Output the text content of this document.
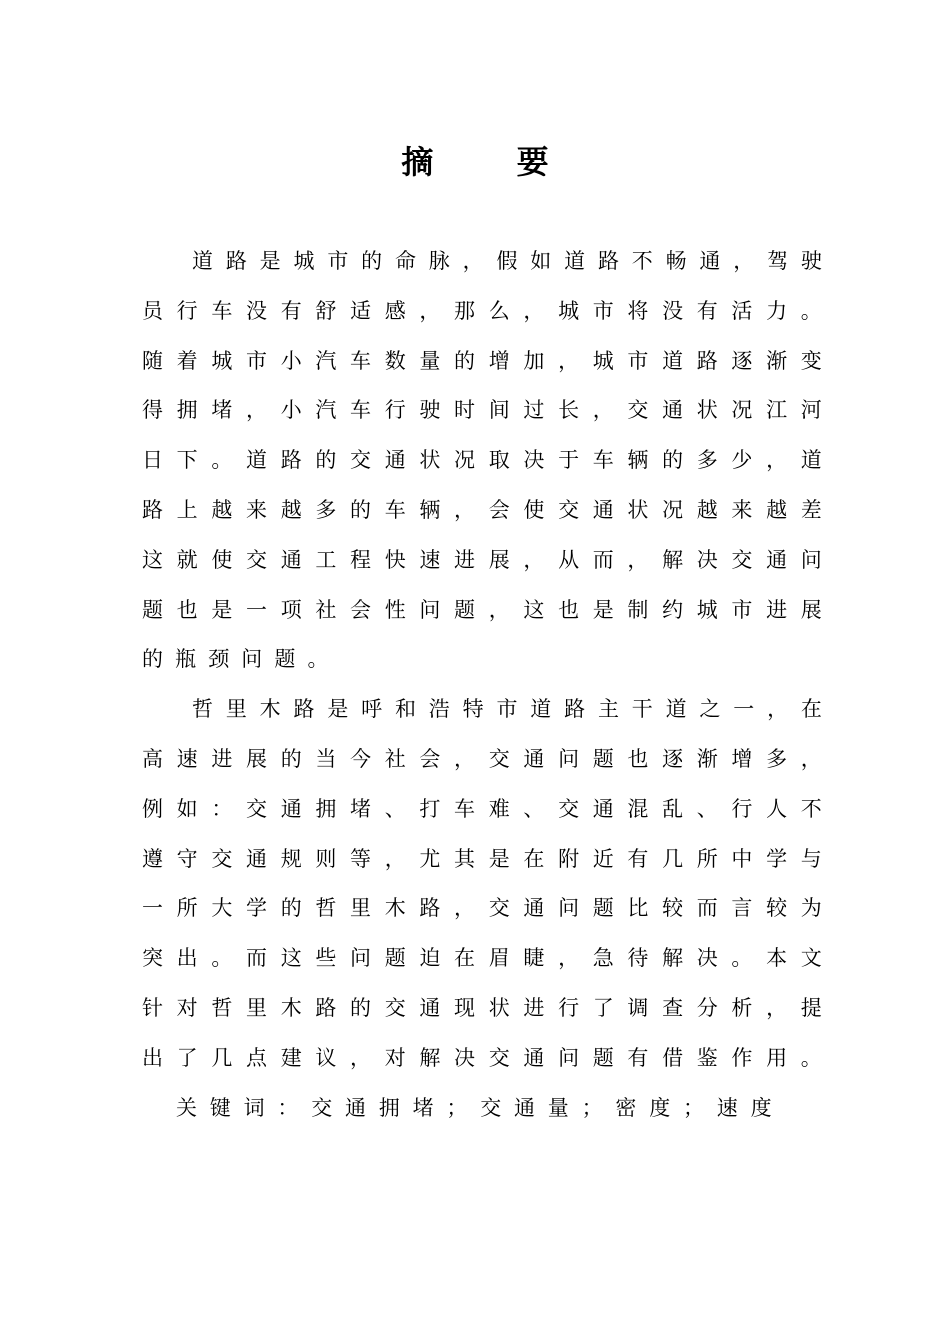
摘 要
道 路 是 城 市 的 命 脉 ， 假 如 道 路 不 畅 通 ， 驾 驶
员 行 车 没 有 舒 适 感 ， 那 么 ， 城 市 将 没 有 活 力 。
随 着 城 市 小 汽 车 数 量 的 增 加 ， 城 市 道 路 逐 渐 变
得 拥 堵 ， 小 汽 车 行 驶 时 间 过 长 ， 交 通 状 况 江 河
日 下 。 道 路 的 交 通 状 况 取 决 于 车 辆 的 多 少 ， 道
路 上 越 来 越 多 的 车 辆 ， 会 使 交 通 状 况 越 来 越 差
这 就 使 交 通 工 程 快 速 进 展 ， 从 而 ， 解 决 交 通 问
题 也 是 一 项 社 会 性 问 题 ， 这 也 是 制 约 城 市 进 展
的 瓶 颈 问 题 。
哲 里 木 路 是 呼 和 浩 特 市 道 路 主 干 道 之 一 ， 在
高 速 进 展 的 当 今 社 会 ， 交 通 问 题 也 逐 渐 增 多 ，
例 如 ： 交 通 拥 堵 、 打 车 难 、 交 通 混 乱 、 行 人 不
遵 守 交 通 规 则 等 ， 尤 其 是 在 附 近 有 几 所 中 学 与
一 所 大 学 的 哲 里 木 路 ， 交 通 问 题 比 较 而 言 较 为
突 出 。 而 这 些 问 题 迫 在 眉 睫 ， 急 待 解 决 。 本 文
针 对 哲 里 木 路 的 交 通 现 状 进 行 了 调 查 分 析 ， 提
出 了 几 点 建 议 ， 对 解 决 交 通 问 题 有 借 鉴 作 用 。
关键词：交通拥堵；交通量；密度；速度
